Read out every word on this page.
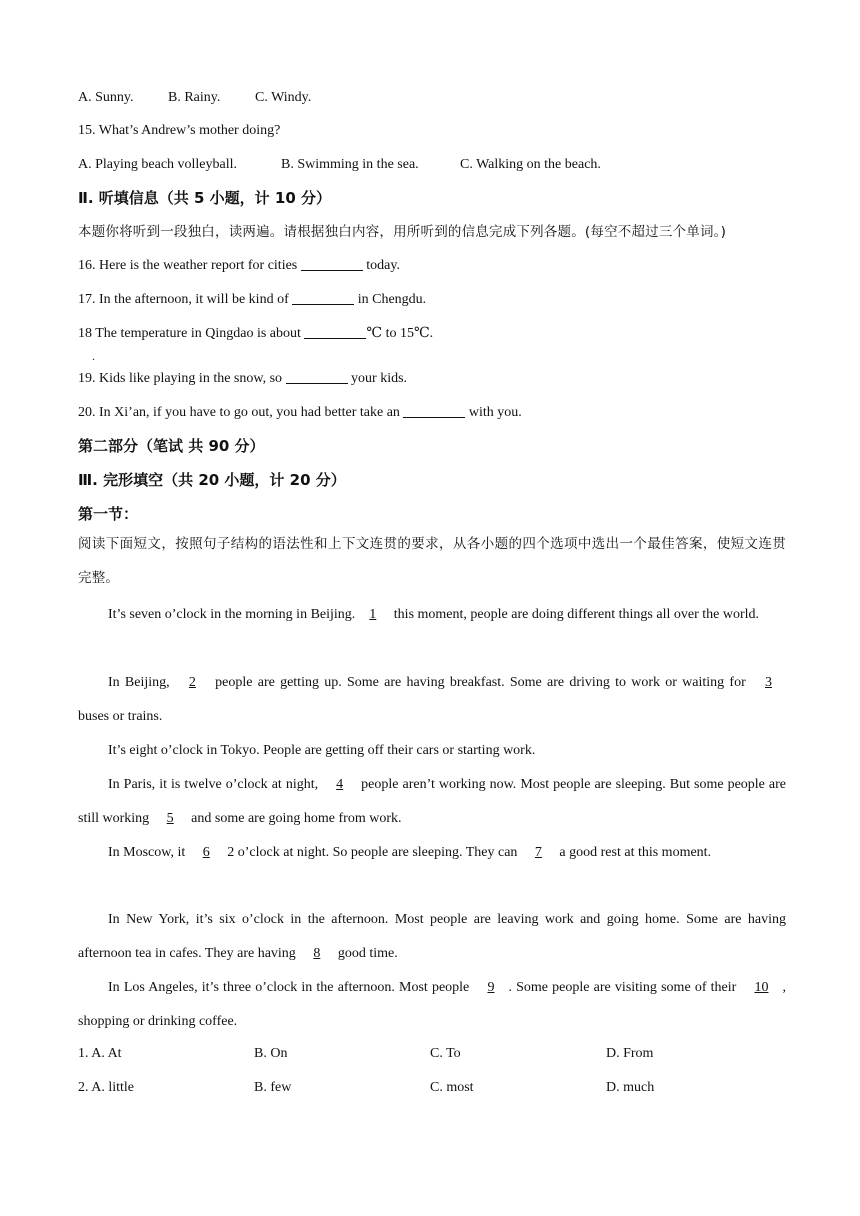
A. Sunny. B. Rainy. C. Windy.
15. What’s Andrew’s mother doing?
A. Playing beach volleyball.	B. Swimming in the sea.	C. Walking on the beach.
Ⅱ. 听填信息（共 5 小题，计 10 分）
本题你将听到一段独白，读两遍。请根据独白内容，用所听到的信息完成下列各题。(每空不超过三个单词。)
16. Here is the weather report for cities	today.
17. In the afternoon, it will be kind of	in Chengdu.
18 The temperature in Qingdao is about	℃ to 15℃.
.
19. Kids like playing in the snow, so	your kids.
20. In Xi’an, if you have to go out, you had better take an	with you.
第二部分（笔试 共 90 分）
Ⅲ. 完形填空（共 20 小题，计 20 分）
第一节：
阅读下面短文，按照句子结构的语法性和上下文连贯的要求，从各小题的四个选项中选出一个最佳答案，使短文连贯完整。
It’s seven o’clock in the morning in Beijing. 1 this moment, people are doing different things all over the world.
In Beijing, 2 people are getting up. Some are having breakfast. Some are driving to work or waiting for 3 buses or trains.
It’s eight o’clock in Tokyo. People are getting off their cars or starting work.
In Paris, it is twelve o’clock at night, 4 people aren’t working now. Most people are sleeping. But some people are still working 5 and some are going home from work.
In Moscow, it 6 2 o’clock at night. So people are sleeping. They can 7 a good rest at this moment.
In New York, it’s six o’clock in the afternoon. Most people are leaving work and going home. Some are having afternoon tea in cafes. They are having 8 good time.
In Los Angeles, it’s three o’clock in the afternoon. Most people 9 . Some people are visiting some of their 10 , shopping or drinking coffee.
1. A. At	B. On	C. To	D. From
2. A. little	B. few	C. most	D. much
